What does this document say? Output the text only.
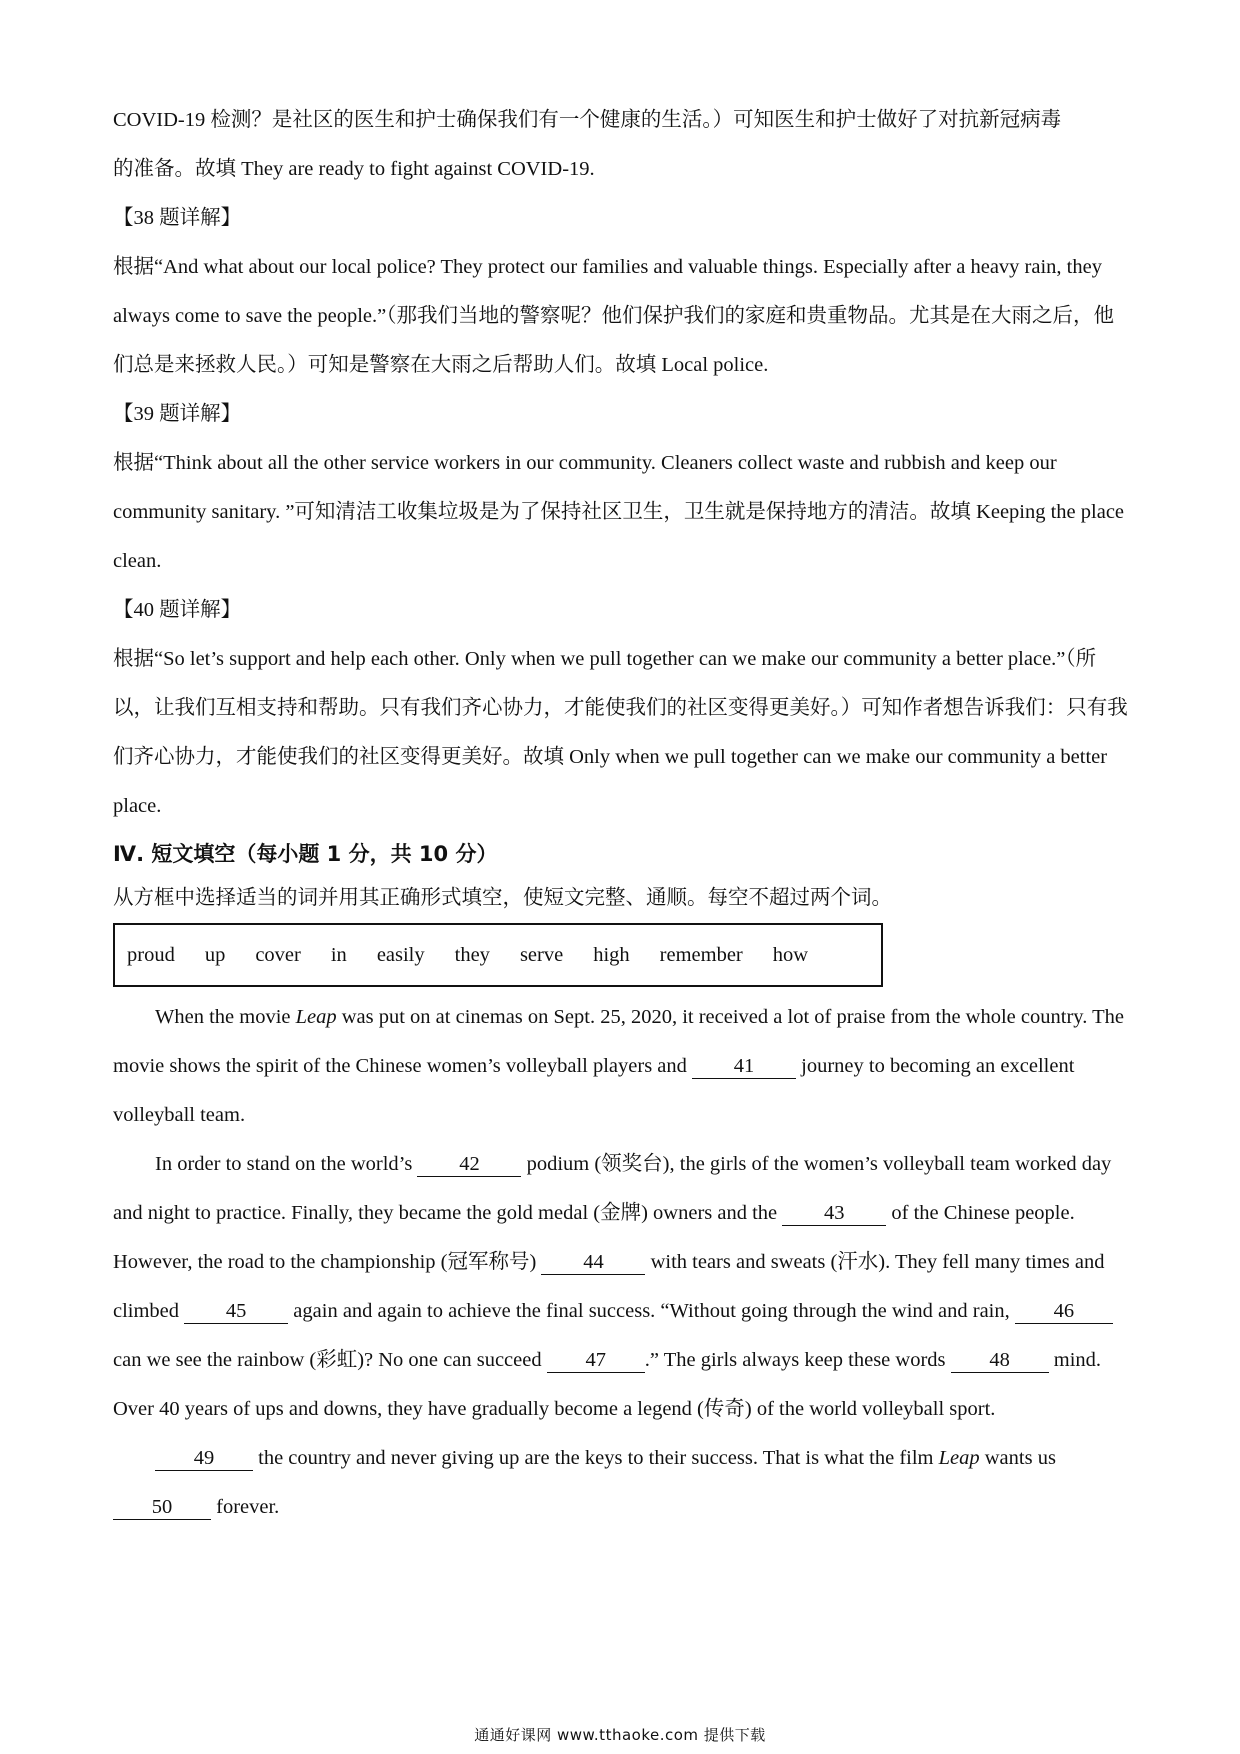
COVID-19 检测？是社区的医生和护士确保我们有一个健康的生活。）可知医生和护士做好了对抗新冠病毒

的准备。故填 They are ready to fight against COVID-19.

【38 题详解】

根据“And what about our local police? They protect our families and valuable things. Especially after a heavy rain, they always come to save the people.”（那我们当地的警察呢？他们保护我们的家庭和贵重物品。尤其是在大雨之后，他们总是来拯救人民。）可知是警察在大雨之后帮助人们。故填 Local police.

【39 题详解】

根据“Think about all the other service workers in our community. Cleaners collect waste and rubbish and keep our community sanitary. ”可知清洁工收集垃圾是为了保持社区卫生，卫生就是保持地方的清洁。故填 Keeping the place clean.

【40 题详解】

根据“So let’s support and help each other. Only when we pull together can we make our community a better place.”（所以，让我们互相支持和帮助。只有我们齐心协力，才能使我们的社区变得更美好。）可知作者想告诉我们：只有我们齐心协力，才能使我们的社区变得更美好。故填 Only when we pull together can we make our community a better place.

Ⅳ. 短文填空（每小题 1 分，共 10 分）

从方框中选择适当的词并用其正确形式填空，使短文完整、通顺。每空不超过两个词。

proud up cover in easily they serve high remember how

When the movie Leap was put on at cinemas on Sept. 25, 2020, it received a lot of praise from the whole country. The movie shows the spirit of the Chinese women’s volleyball players and 41 journey to becoming an excellent volleyball team.

In order to stand on the world’s 42 podium (领奖台), the girls of the women’s volleyball team worked day and night to practice. Finally, they became the gold medal (金牌) owners and the 43 of the Chinese people. However, the road to the championship (冠军称号) 44 with tears and sweats (汗水). They fell many times and climbed 45 again and again to achieve the final success. “Without going through the wind and rain, 46 can we see the rainbow (彩虹)? No one can succeed 47 .” The girls always keep these words 48 mind. Over 40 years of ups and downs, they have gradually become a legend (传奇) of the world volleyball sport.

49 the country and never giving up are the keys to their success. That is what the film Leap wants us 50 forever.

通通好课网 www.tthaoke.com 提供下载
